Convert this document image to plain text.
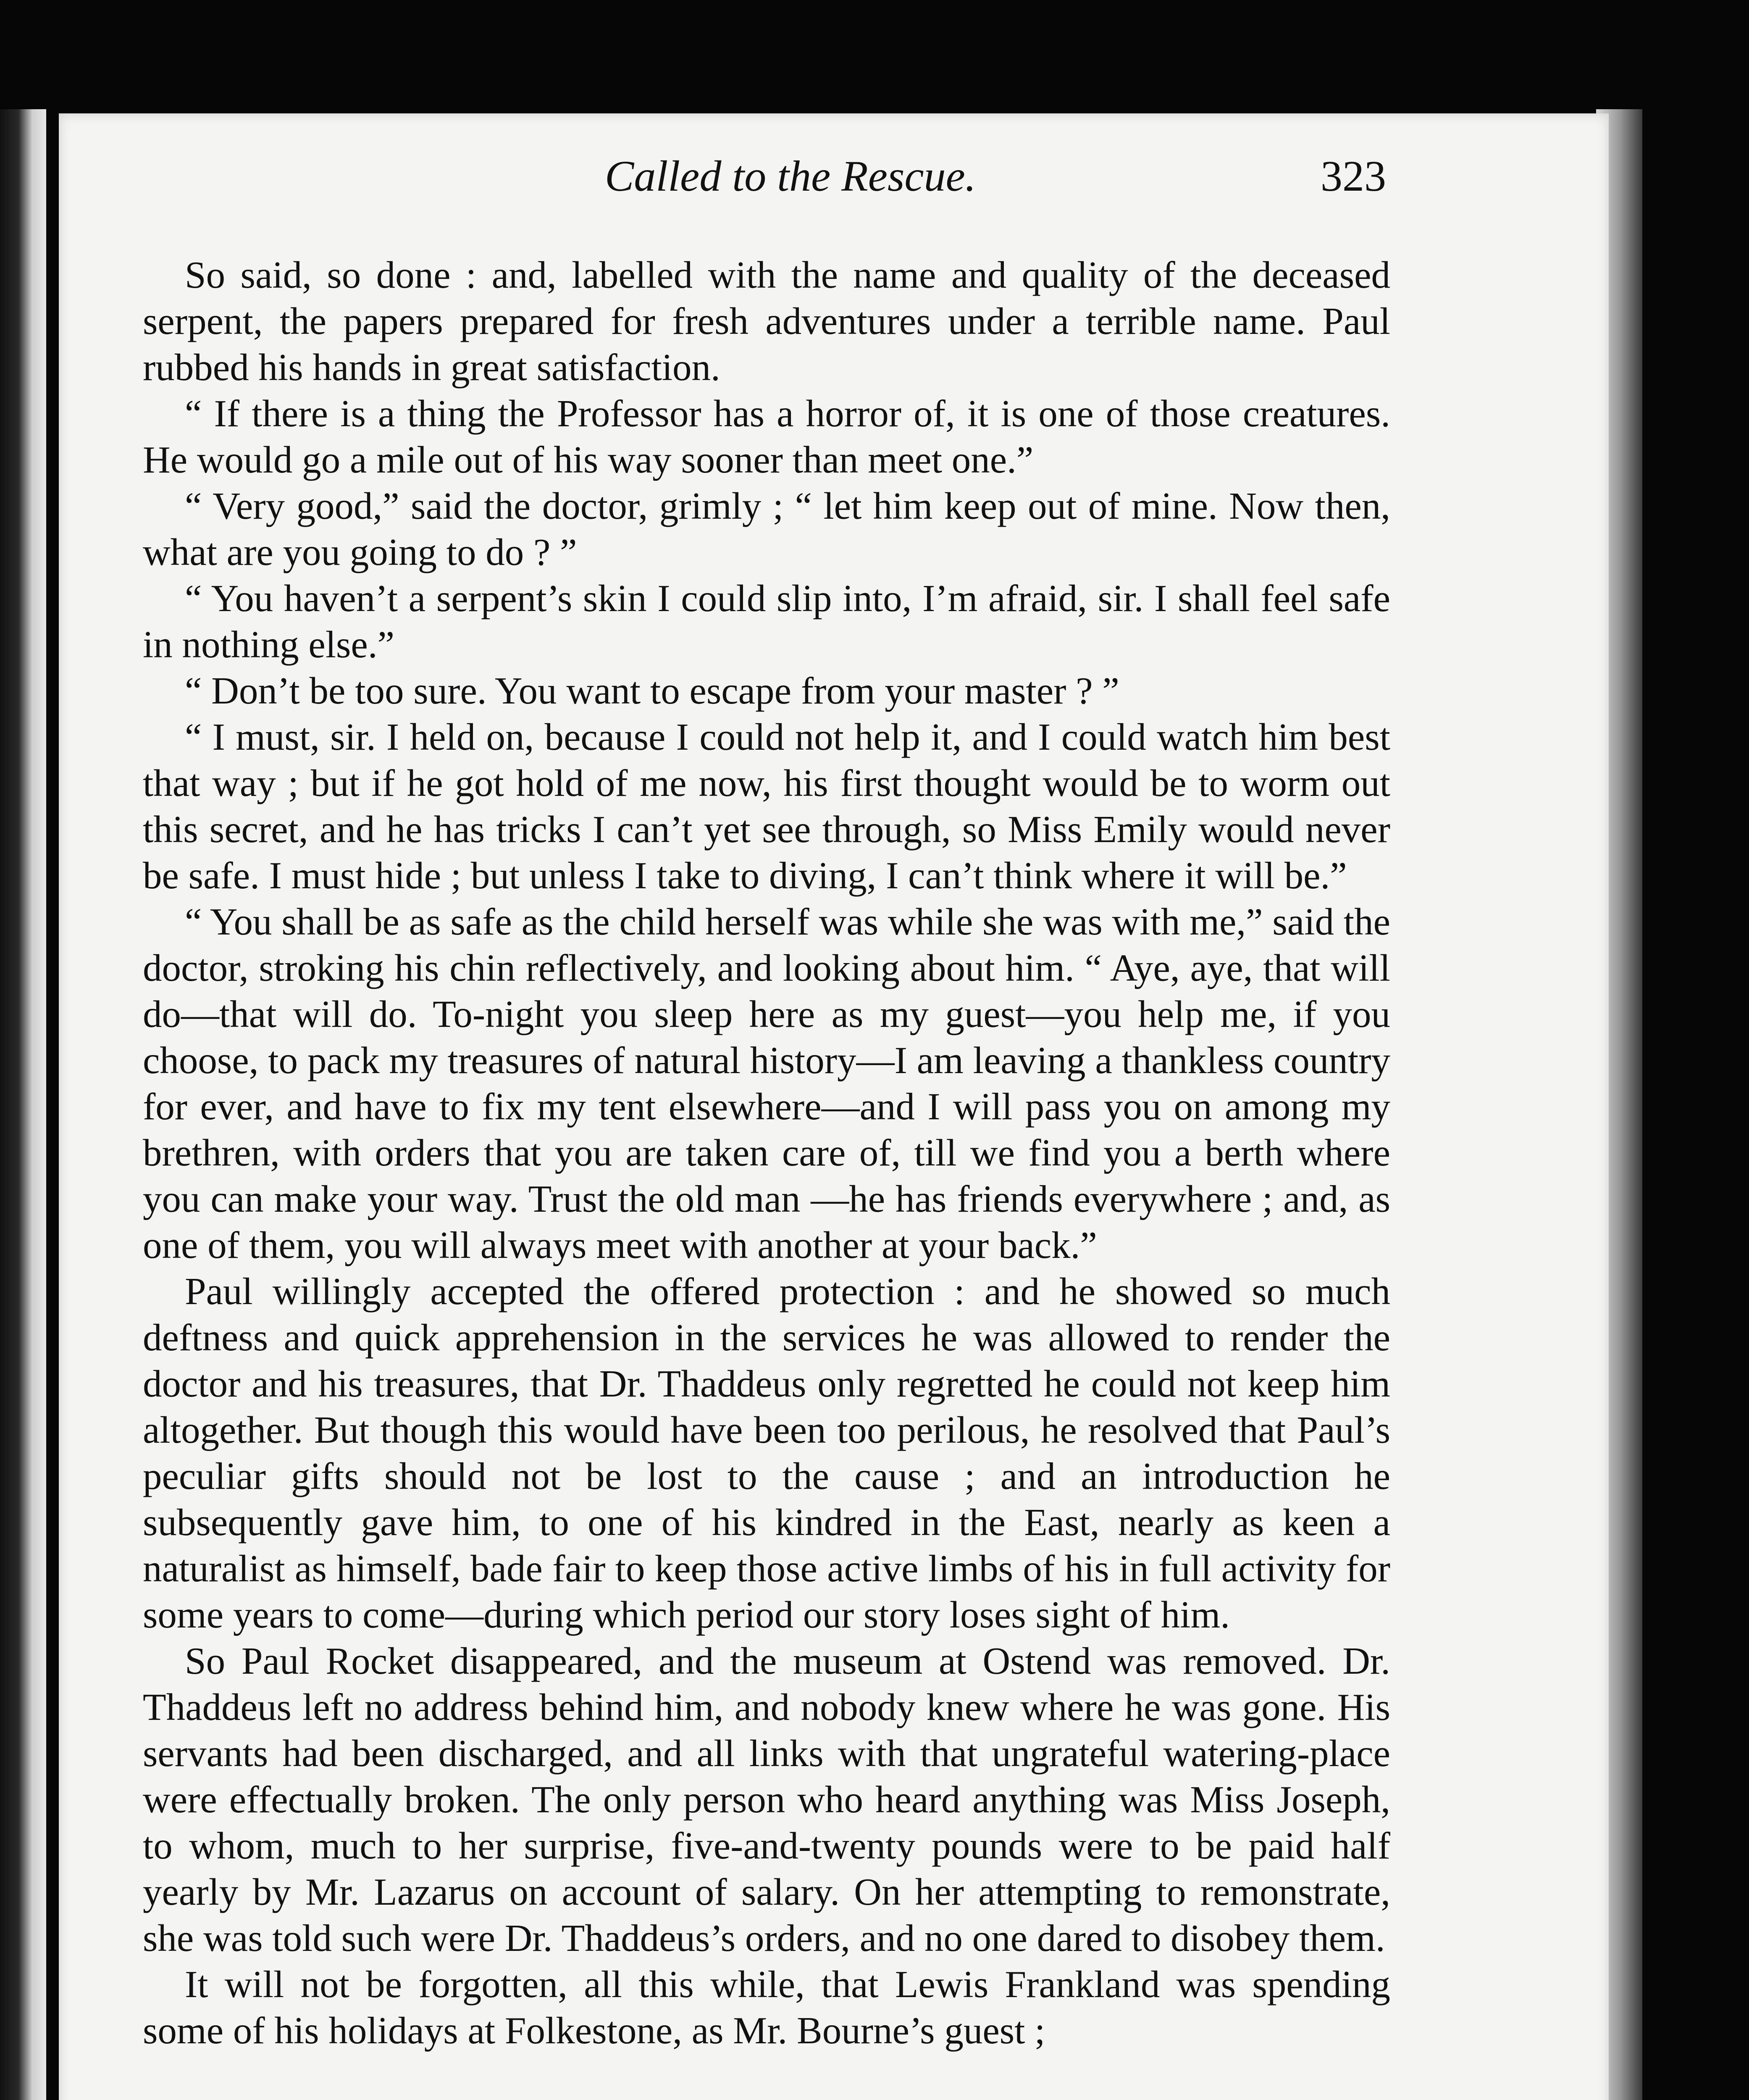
Called to the Rescue.	323

So said, so done : and, labelled with the name and quality of the deceased serpent, the papers prepared for fresh adventures under a terrible name. Paul rubbed his hands in great satisfaction.

“ If there is a thing the Professor has a horror of, it is one of those creatures. He would go a mile out of his way sooner than meet one.”

“ Very good,” said the doctor, grimly ; “ let him keep out of mine. Now then, what are you going to do ? ”

“ You haven’t a serpent’s skin I could slip into, I’m afraid, sir. I shall feel safe in nothing else.”

“ Don’t be too sure. You want to escape from your master ? ”

“ I must, sir. I held on, because I could not help it, and I could watch him best that way ; but if he got hold of me now, his first thought would be to worm out this secret, and he has tricks I can’t yet see through, so Miss Emily would never be safe. I must hide ; but unless I take to diving, I can’t think where it will be.”

“ You shall be as safe as the child herself was while she was with me,” said the doctor, stroking his chin reflectively, and looking about him. “ Aye, aye, that will do—that will do. To-night you sleep here as my guest—you help me, if you choose, to pack my treasures of natural history—I am leaving a thankless country for ever, and have to fix my tent elsewhere—and I will pass you on among my brethren, with orders that you are taken care of, till we find you a berth where you can make your way. Trust the old man —he has friends everywhere ; and, as one of them, you will always meet with another at your back.”

Paul willingly accepted the offered protection : and he showed so much deftness and quick apprehension in the services he was allowed to render the doctor and his treasures, that Dr. Thaddeus only regretted he could not keep him altogether. But though this would have been too perilous, he resolved that Paul’s peculiar gifts should not be lost to the cause ; and an introduction he subsequently gave him, to one of his kindred in the East, nearly as keen a naturalist as himself, bade fair to keep those active limbs of his in full activity for some years to come—during which period our story loses sight of him.

So Paul Rocket disappeared, and the museum at Ostend was removed. Dr. Thaddeus left no address behind him, and nobody knew where he was gone. His servants had been discharged, and all links with that ungrateful watering-place were effectually broken. The only person who heard anything was Miss Joseph, to whom, much to her surprise, five-and-twenty pounds were to be paid half yearly by Mr. Lazarus on account of salary. On her attempting to remonstrate, she was told such were Dr. Thaddeus’s orders, and no one dared to disobey them.

It will not be forgotten, all this while, that Lewis Frankland was spending some of his holidays at Folkestone, as Mr. Bourne’s guest ;
